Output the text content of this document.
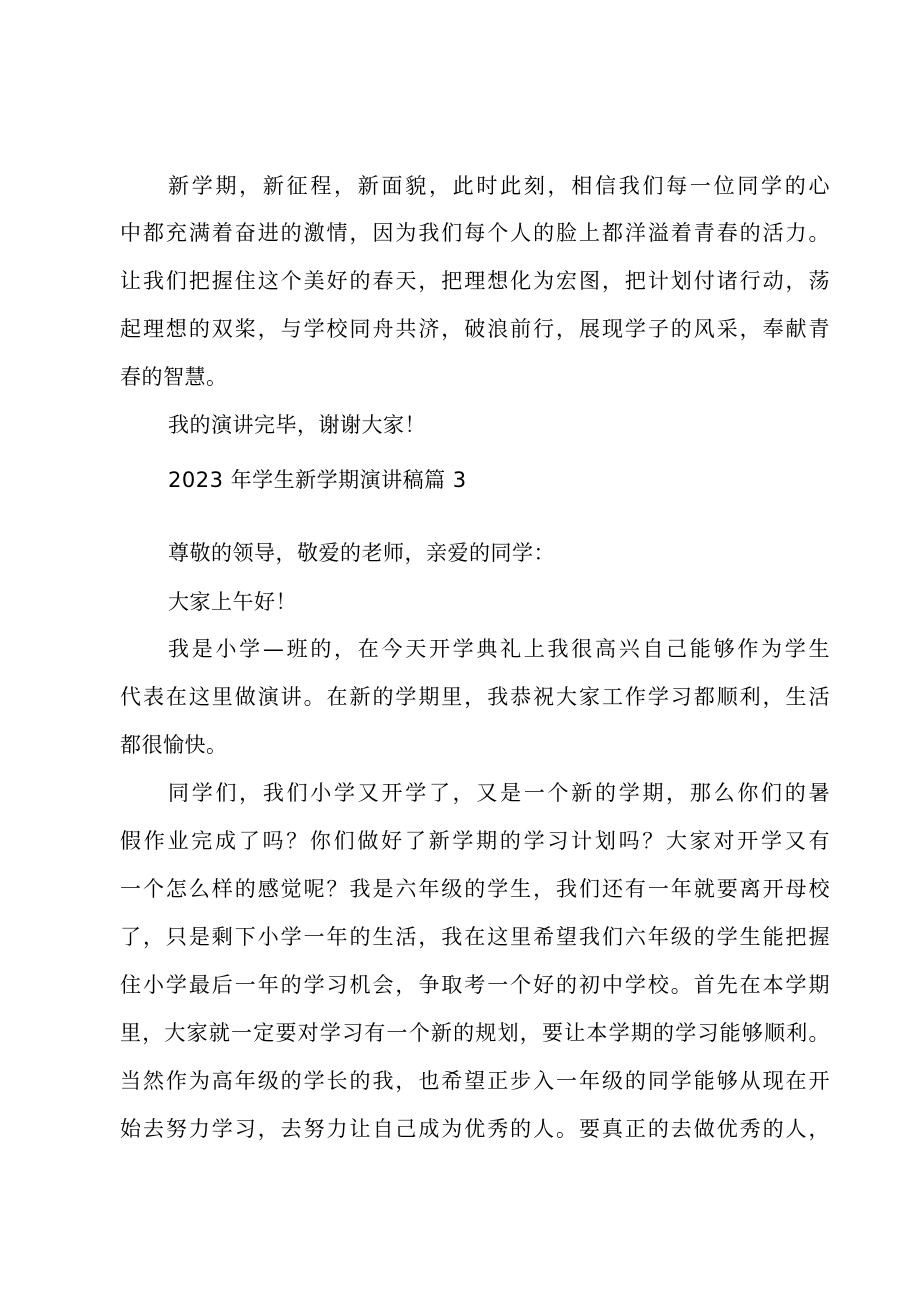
新学期，新征程，新面貌，此时此刻，相信我们每一位同学的心
中都充满着奋进的激情，因为我们每个人的脸上都洋溢着青春的活力。
让我们把握住这个美好的春天，把理想化为宏图，把计划付诸行动，荡
起理想的双桨，与学校同舟共济，破浪前行，展现学子的风采，奉献青
春的智慧。
我的演讲完毕，谢谢大家！
2023 年学生新学期演讲稿篇 3
尊敬的领导，敬爱的老师，亲爱的同学：
大家上午好！
我是小学—班的，在今天开学典礼上我很高兴自己能够作为学生
代表在这里做演讲。在新的学期里，我恭祝大家工作学习都顺利，生活
都很愉快。
同学们，我们小学又开学了，又是一个新的学期，那么你们的暑
假作业完成了吗？你们做好了新学期的学习计划吗？大家对开学又有
一个怎么样的感觉呢？我是六年级的学生，我们还有一年就要离开母校
了，只是剩下小学一年的生活，我在这里希望我们六年级的学生能把握
住小学最后一年的学习机会，争取考一个好的初中学校。首先在本学期
里，大家就一定要对学习有一个新的规划，要让本学期的学习能够顺利。
当然作为高年级的学长的我，也希望正步入一年级的同学能够从现在开
始去努力学习，去努力让自己成为优秀的人。要真正的去做优秀的人，
